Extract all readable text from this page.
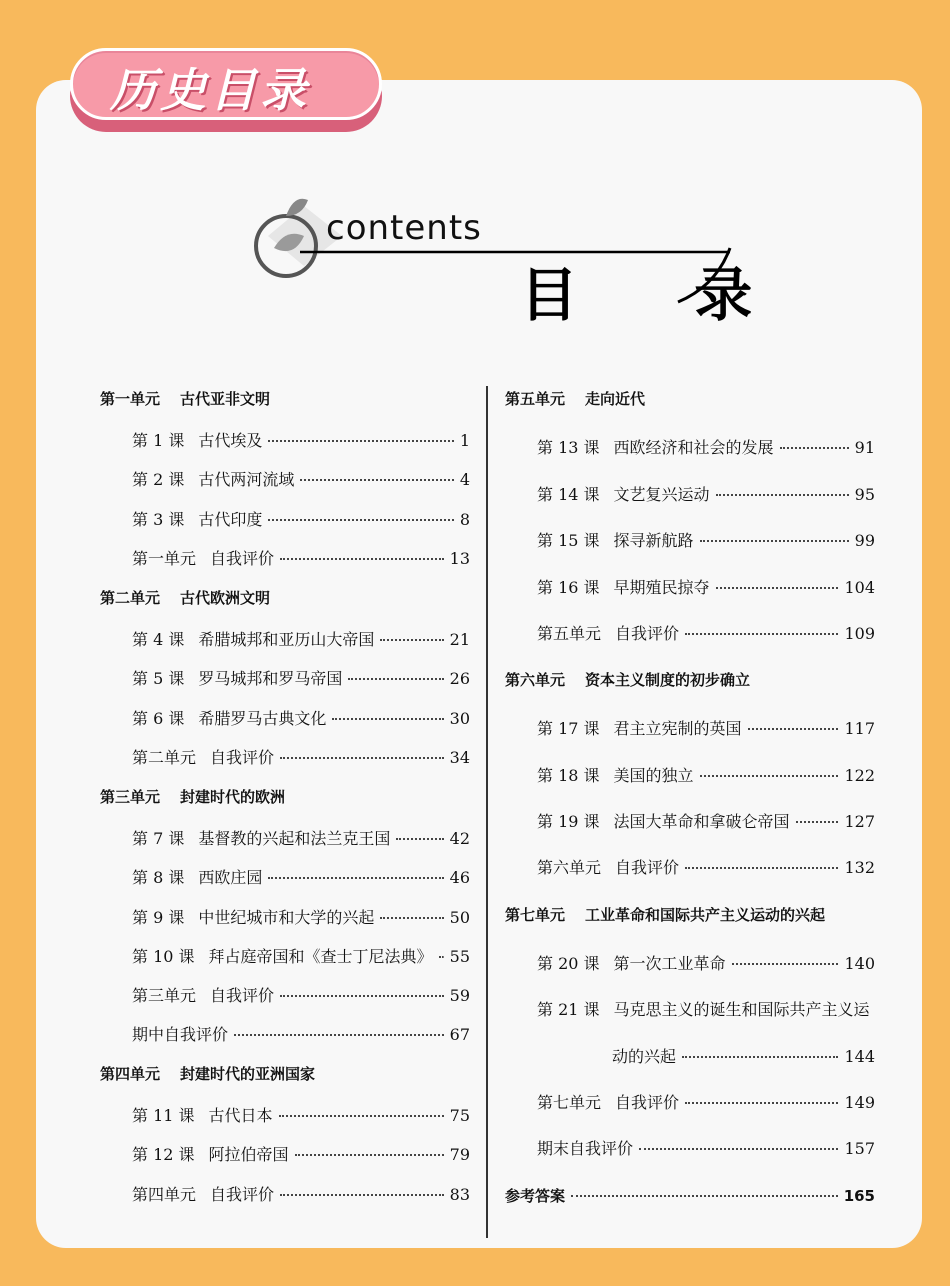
历史目录
contents
目 录
第一单元 古代亚非文明
第 1 课 古代埃及	1
第 2 课 古代两河流域	4
第 3 课 古代印度	8
第一单元 自我评价	13
第二单元 古代欧洲文明
第 4 课 希腊城邦和亚历山大帝国	21
第 5 课 罗马城邦和罗马帝国	26
第 6 课 希腊罗马古典文化	30
第二单元 自我评价	34
第三单元 封建时代的欧洲
第 7 课 基督教的兴起和法兰克王国	42
第 8 课 西欧庄园	46
第 9 课 中世纪城市和大学的兴起	50
第 10 课 拜占庭帝国和《查士丁尼法典》 55
第三单元 自我评价	59
期中自我评价	67
第四单元 封建时代的亚洲国家
第 11 课 古代日本	75
第 12 课 阿拉伯帝国	79
第四单元 自我评价	83
第五单元 走向近代
第 13 课 西欧经济和社会的发展	91
第 14 课 文艺复兴运动	95
第 15 课 探寻新航路	99
第 16 课 早期殖民掠夺	104
第五单元 自我评价	109
第六单元 资本主义制度的初步确立
第 17 课 君主立宪制的英国	117
第 18 课 美国的独立	122
第 19 课 法国大革命和拿破仑帝国	127
第六单元 自我评价	132
第七单元 工业革命和国际共产主义运动的兴起
第 20 课 第一次工业革命	140
第 21 课 马克思主义的诞生和国际共产主义运
动的兴起	144
第七单元 自我评价	149
期末自我评价	157
参考答案	165
